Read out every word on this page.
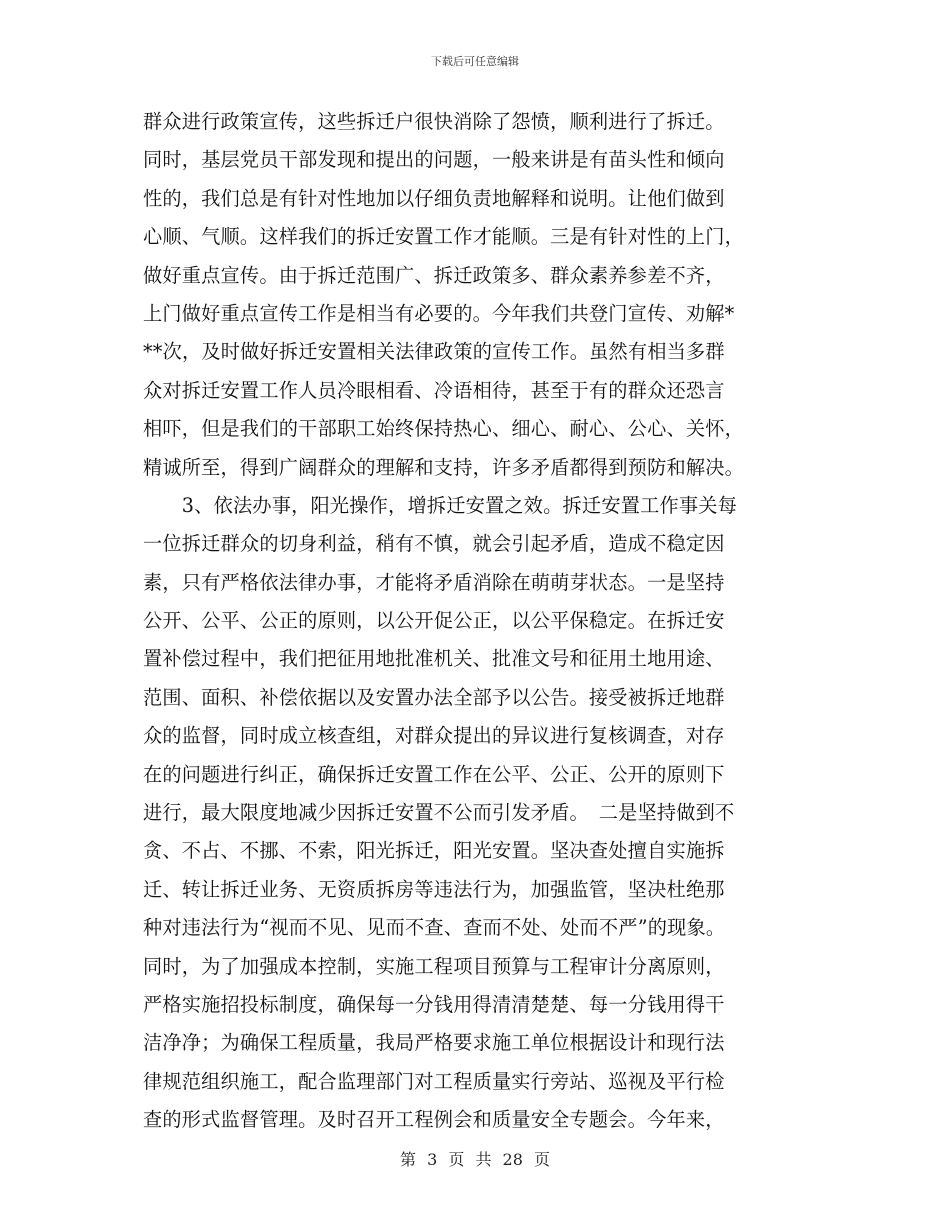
下载后可任意编辑
群众进行政策宣传，这些拆迁户很快消除了怨愤，顺利进行了拆迁。
同时，基层党员干部发现和提出的问题，一般来讲是有苗头性和倾向
性的，我们总是有针对性地加以仔细负责地解释和说明。让他们做到
心顺、气顺。这样我们的拆迁安置工作才能顺。三是有针对性的上门，
做好重点宣传。由于拆迁范围广、拆迁政策多、群众素养参差不齐，
上门做好重点宣传工作是相当有必要的。今年我们共登门宣传、劝解*
**次，及时做好拆迁安置相关法律政策的宣传工作。虽然有相当多群
众对拆迁安置工作人员冷眼相看、冷语相待，甚至于有的群众还恐言
相吓，但是我们的干部职工始终保持热心、细心、耐心、公心、关怀，
精诚所至，得到广阔群众的理解和支持，许多矛盾都得到预防和解决。
　　3、依法办事，阳光操作，增拆迁安置之效。拆迁安置工作事关每
一位拆迁群众的切身利益，稍有不慎，就会引起矛盾，造成不稳定因
素，只有严格依法律办事，才能将矛盾消除在萌萌芽状态。一是坚持
公开、公平、公正的原则，以公开促公正，以公平保稳定。在拆迁安
置补偿过程中，我们把征用地批准机关、批准文号和征用土地用途、
范围、面积、补偿依据以及安置办法全部予以公告。接受被拆迁地群
众的监督，同时成立核查组，对群众提出的异议进行复核调查，对存
在的问题进行纠正，确保拆迁安置工作在公平、公正、公开的原则下
进行，最大限度地减少因拆迁安置不公而引发矛盾。　二是坚持做到不
贪、不占、不挪、不索，阳光拆迁，阳光安置。坚决查处擅自实施拆
迁、转让拆迁业务、无资质拆房等违法行为，加强监管，坚决杜绝那
种对违法行为“视而不见、见而不查、查而不处、处而不严”的现象。
同时，为了加强成本控制，实施工程项目预算与工程审计分离原则，
严格实施招投标制度，确保每一分钱用得清清楚楚、每一分钱用得干
洁净净；为确保工程质量，我局严格要求施工单位根据设计和现行法
律规范组织施工，配合监理部门对工程质量实行旁站、巡视及平行检
查的形式监督管理。及时召开工程例会和质量安全专题会。今年来，
第 3 页 共 28 页
